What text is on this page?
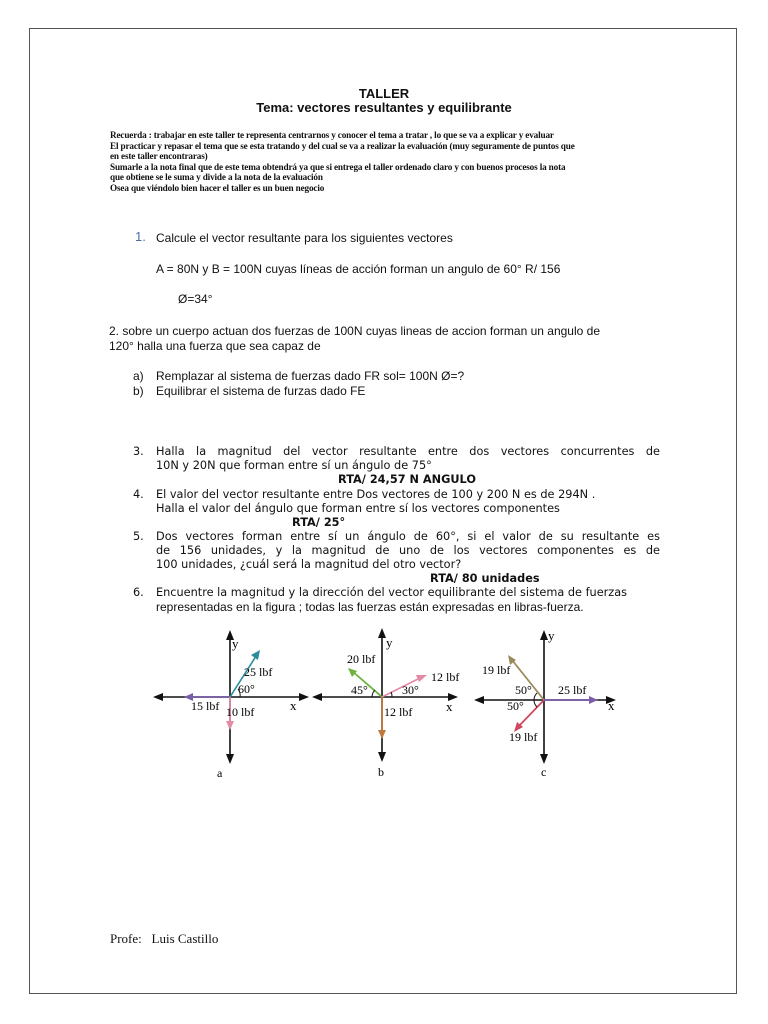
TALLER
Tema: vectores resultantes y equilibrante
Recuerda : trabajar en este taller te representa centrarnos y conocer el tema a tratar , lo que se va a explicar y evaluar
El practicar y repasar el tema que se esta tratando y del cual se va a realizar la evaluación (muy seguramente de puntos que
en este taller encontraras)
Sumarle a la nota final que de este tema obtendrá ya que si entrega el taller ordenado claro y con buenos procesos la nota
que obtiene se le suma y divide a la nota de la evaluación
Osea que viéndolo bien hacer el taller es un buen negocio
1. Calcule el vector resultante para los siguientes vectores
A = 80N y B = 100N cuyas líneas de acción forman un angulo de 60° R/ 156
Ø=34°
2. sobre un cuerpo actuan dos fuerzas de 100N cuyas lineas de accion forman un angulo de
120° halla una fuerza que sea capaz de
a) Remplazar al sistema de fuerzas dado FR sol= 100N Ø=?
b) Equilibrar el sistema de furzas dado FE
3. Halla la magnitud del vector resultante entre dos vectores concurrentes de
10N y 20N que forman entre sí un ángulo de 75°
RTA/ 24,57 N ANGULO
4. El valor del vector resultante entre Dos vectores de 100 y 200 N es de 294N .
Halla el valor del ángulo que forman entre sí los vectores componentes
RTA/ 25°
5. Dos vectores forman entre sí un ángulo de 60°, si el valor de su resultante es
de 156 unidades, y la magnitud de uno de los vectores componentes es de
100 unidades, ¿cuál será la magnitud del otro vector?
RTA/ 80 unidades
6. Encuentre la magnitud y la dirección del vector equilibrante del sistema de fuerzas
representadas en la figura ; todas las fuerzas están expresadas en libras-fuerza.
y
x
25 lbf
15 lbf 10 lbf
60°
a
y
x
20 lbf
12 lbf
12 lbf
45°	30°
b
y
x
19 lbf
25 lbf
19 lbf
50°
50°
c
Profe:   Luis Castillo
